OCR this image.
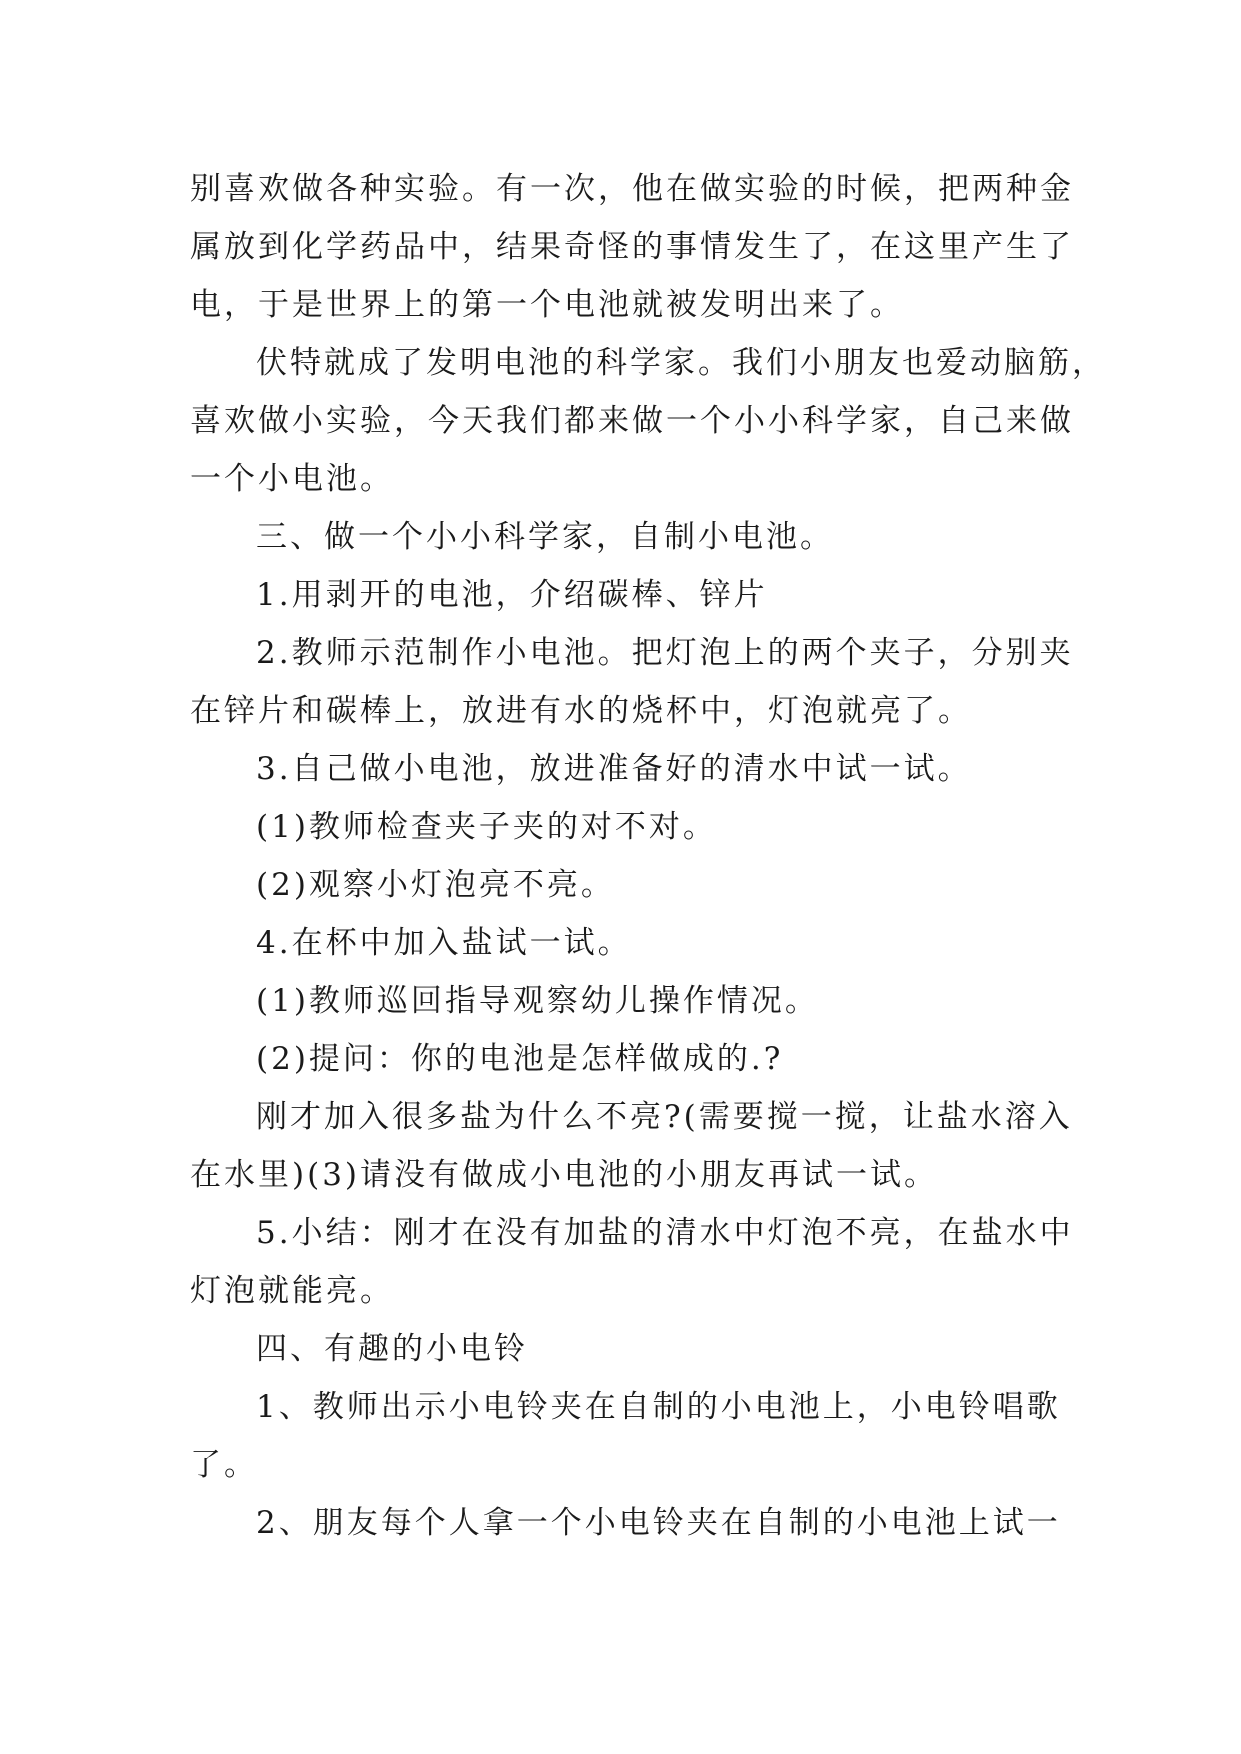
别喜欢做各种实验。有一次，他在做实验的时候，把两种金
属放到化学药品中，结果奇怪的事情发生了，在这里产生了
电，于是世界上的第一个电池就被发明出来了。

伏特就成了发明电池的科学家。我们小朋友也爱动脑筋，
喜欢做小实验，今天我们都来做一个小小科学家，自己来做
一个小电池。

三、做一个小小科学家，自制小电池。

1.用剥开的电池，介绍碳棒、锌片

2.教师示范制作小电池。把灯泡上的两个夹子，分别夹
在锌片和碳棒上，放进有水的烧杯中，灯泡就亮了。

3.自己做小电池，放进准备好的清水中试一试。

(1)教师检查夹子夹的对不对。

(2)观察小灯泡亮不亮。

4.在杯中加入盐试一试。

(1)教师巡回指导观察幼儿操作情况。

(2)提问：你的电池是怎样做成的.?

刚才加入很多盐为什么不亮?(需要搅一搅，让盐水溶入
在水里)(3)请没有做成小电池的小朋友再试一试。

5.小结：刚才在没有加盐的清水中灯泡不亮，在盐水中
灯泡就能亮。

四、有趣的小电铃

1、教师出示小电铃夹在自制的小电池上，小电铃唱歌
了。

2、朋友每个人拿一个小电铃夹在自制的小电池上试一
